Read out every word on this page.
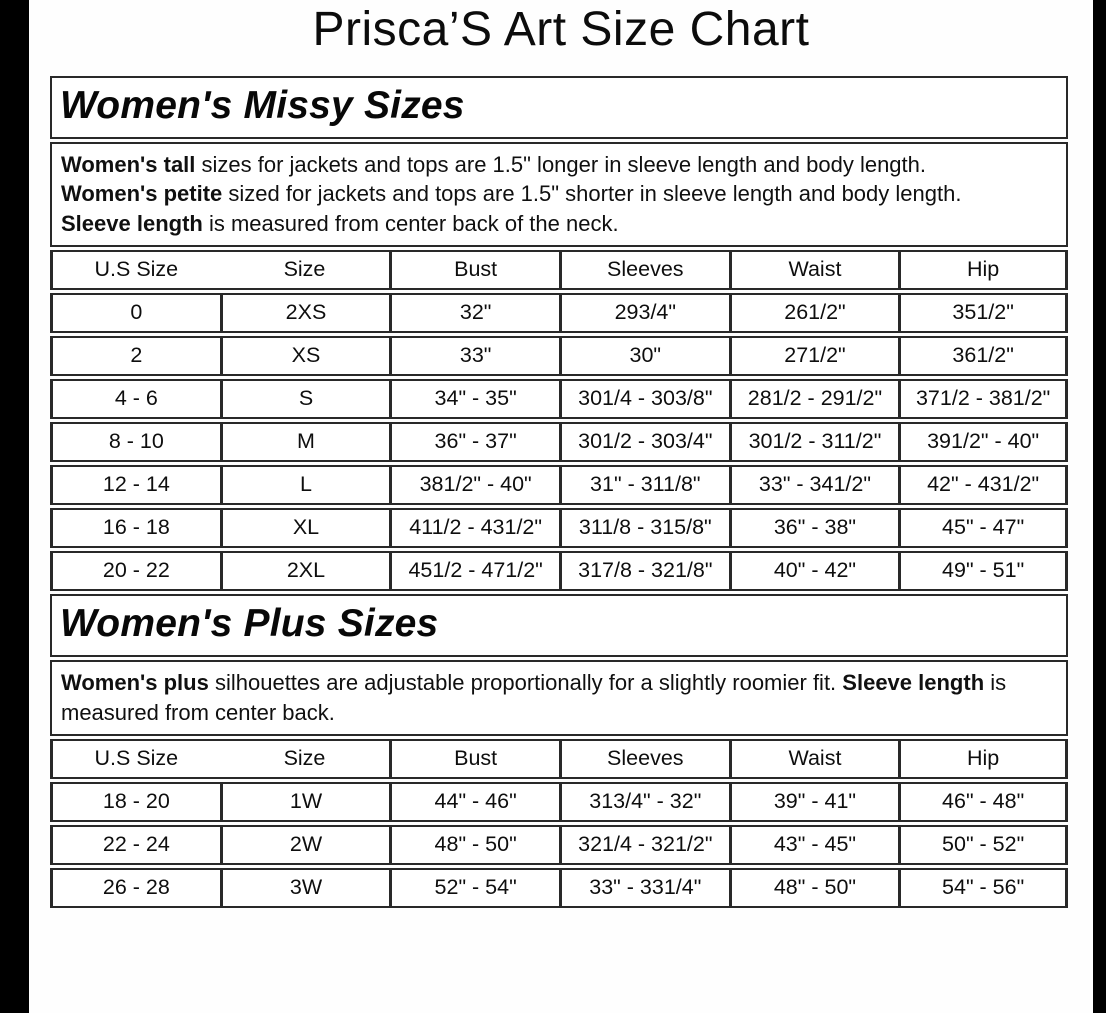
Prisca’S Art Size Chart
Women's Missy Sizes
Women's tall sizes for jackets and tops are 1.5" longer in sleeve length and body length.
Women's petite sized for jackets and tops are 1.5" shorter in sleeve length and body length.
Sleeve length is measured from center back of the neck.
U.S Size	Size	Bust	Sleeves	Waist	Hip
0	2XS	32"	293/4"	261/2"	351/2"
2	XS	33"	30"	271/2"	361/2"
4 - 6	S	34" - 35"	301/4 - 303/8"	281/2 - 291/2"	371/2 - 381/2"
8 - 10	M	36" - 37"	301/2 - 303/4"	301/2 - 311/2"	391/2" - 40"
12 - 14	L	381/2" - 40"	31" - 311/8"	33" - 341/2"	42" - 431/2"
16 - 18	XL	411/2 - 431/2"	311/8 - 315/8"	36" - 38"	45" - 47"
20 - 22	2XL	451/2 - 471/2"	317/8 - 321/8"	40" - 42"	49" - 51"
Women's Plus Sizes
Women's plus silhouettes are adjustable proportionally for a slightly roomier fit. Sleeve length is measured from center back.
U.S Size	Size	Bust	Sleeves	Waist	Hip
18 - 20	1W	44" - 46"	313/4" - 32"	39" - 41"	46" - 48"
22 - 24	2W	48" - 50"	321/4 - 321/2"	43" - 45"	50" - 52"
26 - 28	3W	52" - 54"	33" - 331/4"	48" - 50"	54" - 56"
